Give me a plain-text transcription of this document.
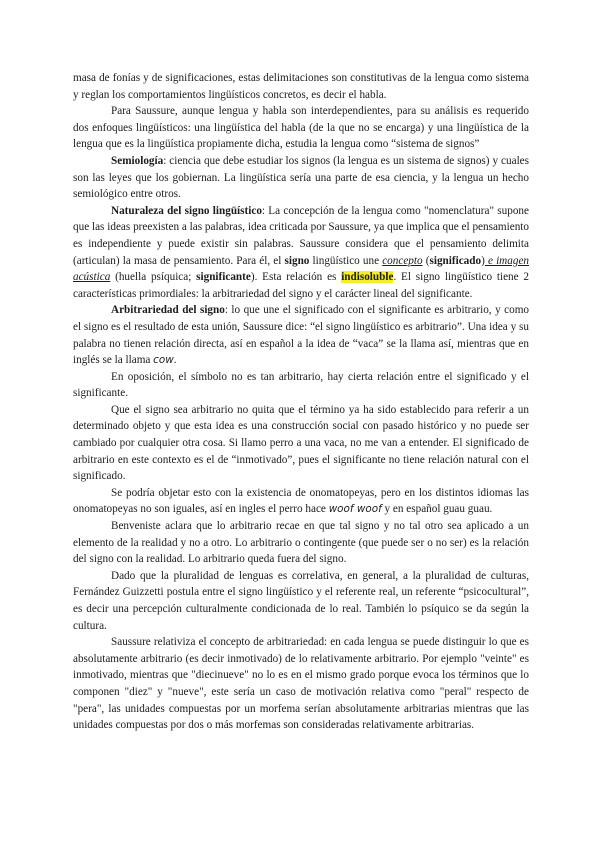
masa de fonías y de significaciones, estas delimitaciones son constitutivas de la lengua como sistema y reglan los comportamientos lingüísticos concretos, es decir el habla.

Para Saussure, aunque lengua y habla son interdependientes, para su análisis es requerido dos enfoques lingüísticos: una lingüística del habla (de la que no se encarga) y una lingüística de la lengua que es la lingüística propiamente dicha, estudia la lengua como “sistema de signos”

Semiología: ciencia que debe estudiar los signos (la lengua es un sistema de signos) y cuales son las leyes que los gobiernan. La lingüística sería una parte de esa ciencia, y la lengua un hecho semiológico entre otros.

Naturaleza del signo lingüístico: La concepción de la lengua como "nomenclatura" supone que las ideas preexisten a las palabras, idea criticada por Saussure, ya que implica que el pensamiento es independiente y puede existir sin palabras. Saussure considera que el pensamiento delimita (articulan) la masa de pensamiento. Para él, el signo lingüístico une concepto (significado) e imagen acústica (huella psíquica; significante). Esta relación es indisoluble. El signo lingüístico tiene 2 características primordiales: la arbitrariedad del signo y el carácter lineal del significante.

Arbitrariedad del signo: lo que une el significado con el significante es arbitrario, y como el signo es el resultado de esta unión, Saussure dice: “el signo lingüístico es arbitrario”. Una idea y su palabra no tienen relación directa, así en español a la idea de “vaca” se la llama así, mientras que en inglés se la llama cow.

En oposición, el símbolo no es tan arbitrario, hay cierta relación entre el significado y el significante.

Que el signo sea arbitrario no quita que el término ya ha sido establecido para referir a un determinado objeto y que esta idea es una construcción social con pasado histórico y no puede ser cambiado por cualquier otra cosa. Si llamo perro a una vaca, no me van a entender. El significado de arbitrario en este contexto es el de “inmotivado”, pues el significante no tiene relación natural con el significado.

Se podría objetar esto con la existencia de onomatopeyas, pero en los distintos idiomas las onomatopeyas no son iguales, así en ingles el perro hace woof woof y en español guau guau.

Benveniste aclara que lo arbitrario recae en que tal signo y no tal otro sea aplicado a un elemento de la realidad y no a otro. Lo arbitrario o contingente (que puede ser o no ser) es la relación del signo con la realidad. Lo arbitrario queda fuera del signo.

Dado que la pluralidad de lenguas es correlativa, en general, a la pluralidad de culturas, Fernández Guizzetti postula entre el signo lingüístico y el referente real, un referente “psicocultural”, es decir una percepción culturalmente condicionada de lo real. También lo psíquico se da según la cultura.

Saussure relativiza el concepto de arbitrariedad: en cada lengua se puede distinguir lo que es absolutamente arbitrario (es decir inmotivado) de lo relativamente arbitrario. Por ejemplo "veinte" es inmotivado, mientras que "diecinueve" no lo es en el mismo grado porque evoca los términos que lo componen "diez" y "nueve", este sería un caso de motivación relativa como "peral" respecto de "pera", las unidades compuestas por un morfema serían absolutamente arbitrarias mientras que las unidades compuestas por dos o más morfemas son consideradas relativamente arbitrarias.
